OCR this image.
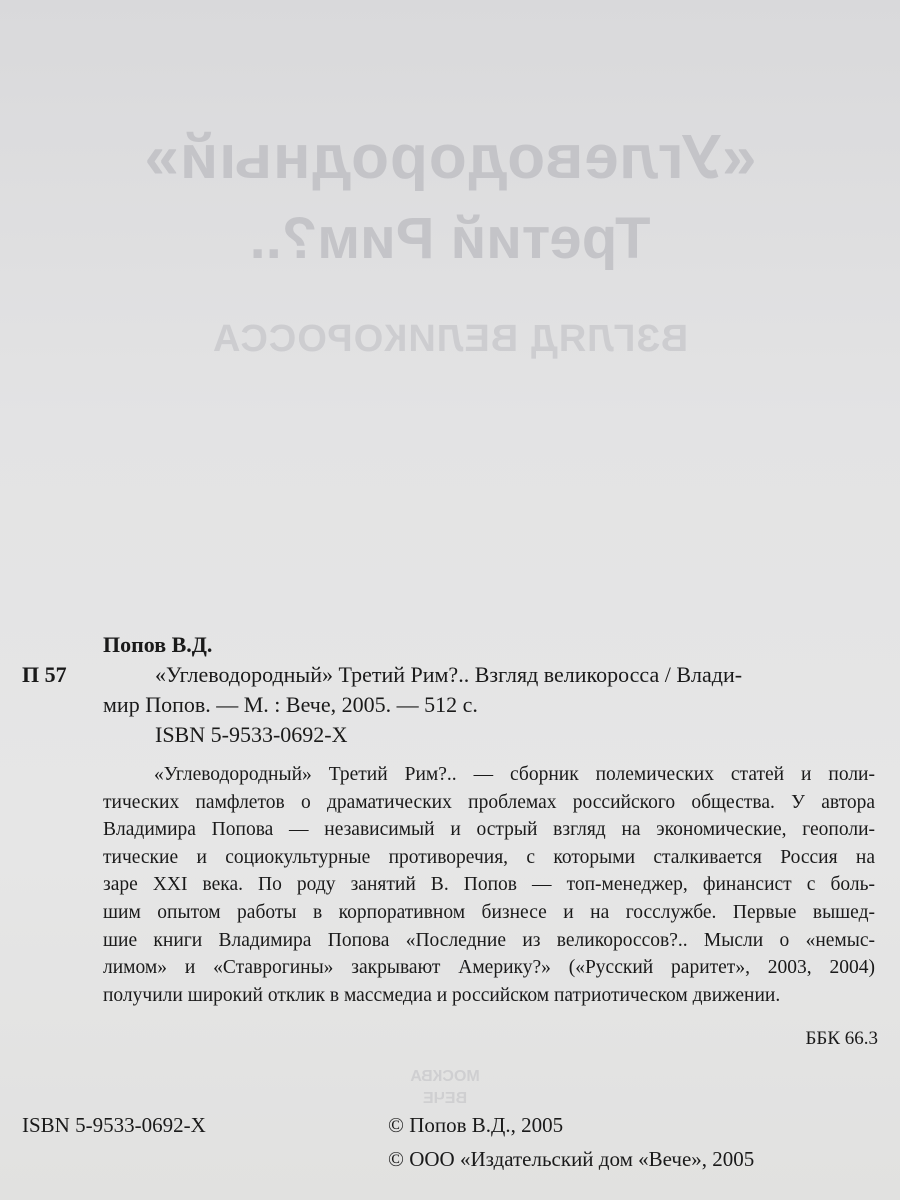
«Углеводородный»
Третий Рим?..
ВЗГЛЯД ВЕЛИКОРОССА
МОСКВА
ВЕЧЕ
Попов В.Д.
П 57	«Углеводородный» Третий Рим?.. Взгляд великоросса / Влади-
мир Попов. — М. : Вече, 2005. — 512 с.
ISBN 5-9533-0692-Х
«Углеводородный» Третий Рим?.. — сборник полемических статей и поли-
тических памфлетов о драматических проблемах российского общества. У автора
Владимира Попова — независимый и острый взгляд на экономические, геополи-
тические и социокультурные противоречия, с которыми сталкивается Россия на
заре XXI века. По роду занятий В. Попов — топ-менеджер, финансист с боль-
шим опытом работы в корпоративном бизнесе и на госслужбе. Первые вышед-
шие книги Владимира Попова «Последние из великороссов?.. Мысли о «немыс-
лимом» и «Ставрогины» закрывают Америку?» («Русский раритет», 2003, 2004)
получили широкий отклик в массмедиа и российском патриотическом движении.
ББК 66.3
ISBN 5-9533-0692-Х	© Попов В.Д., 2005
© ООО «Издательский дом «Вече», 2005
